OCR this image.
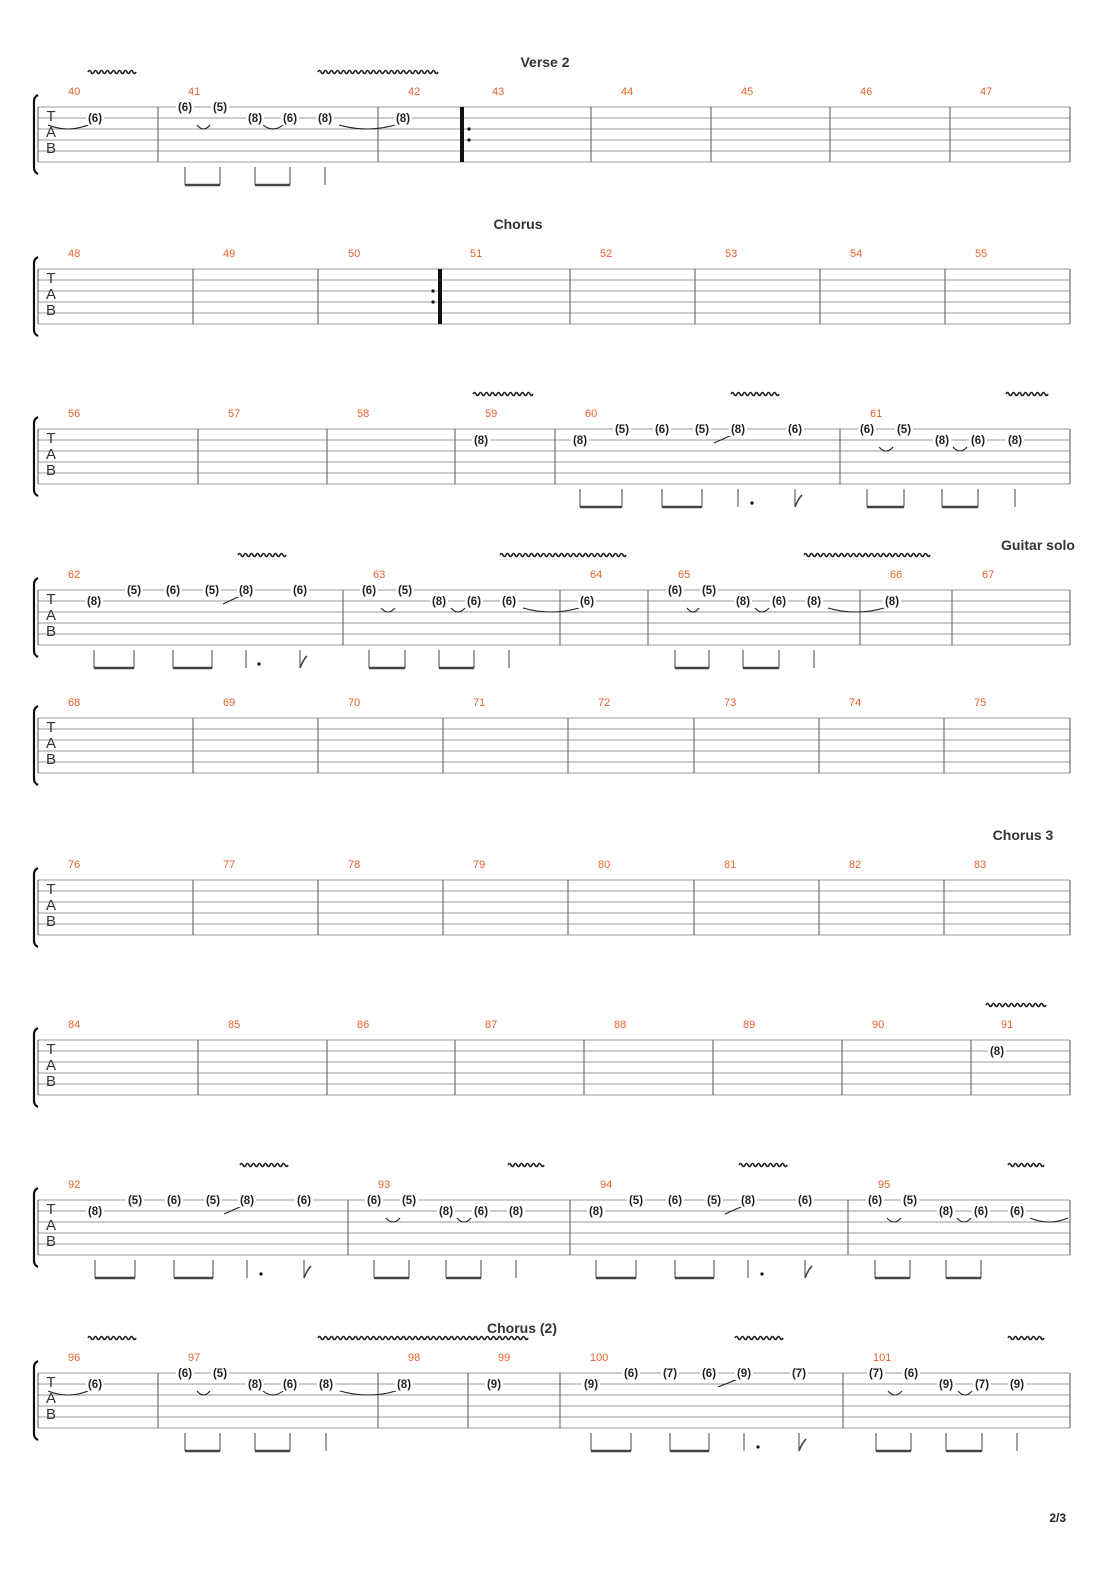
2/3
T
A
B
40	41	42	43	44	45	46	47
Verse 2
(6)
(6) (5)
(8) (6) (8)	(8)
T
A
B
48	49	50	51	52	53	54	55
Chorus
T
A
B
56	57	58	59	60	61
(8)	(8)
(5) (6) (5) (8)	(6)	(6) (5)
(8) (6) (8)
T
A
B
62	63	64	65	66	67
Guitar solo
(8)
(5) (6) (5) (8)	(6)	(6) (5)
(8) (6) (6)	(6)
(6) (5)
(8) (6) (8)	(8)
T
A
B
68	69	70	71	72	73	74	75
T
A
B
76	77	78	79	80	81	82	83
Chorus 3
T
A
B
84	85	86	87	88	89	90	91
(8)
T
A
B
92	93	94	95
(8)
(5) (6) (5) (8)	(6)	(6) (5)
(8) (6) (8)	(8)
(5) (6) (5) (8)	(6)	(6) (5)
(8) (6) (6)
T
A
B
96	97	98	99	100	101
Chorus (2)
(6)
(6) (5)
(8) (6) (8)	(8)	(9)	(9)
(6) (7) (6) (9)	(7)	(7) (6)
(9) (7) (9)
